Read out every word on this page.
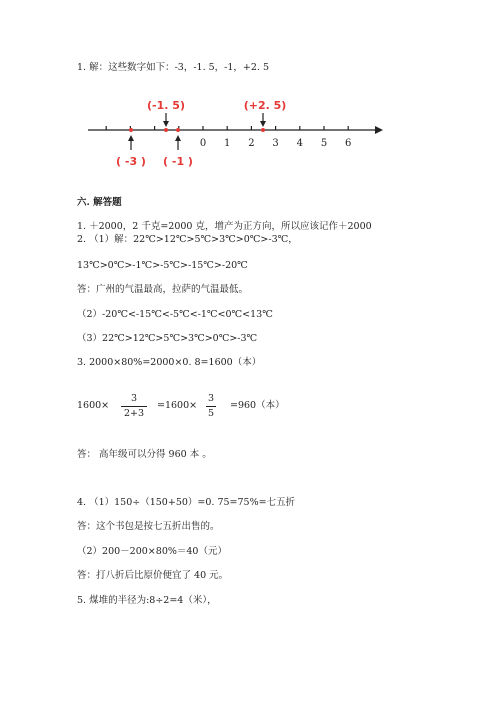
1. 解：这些数字如下：-3，-1. 5，-1，+2. 5
0 1 2 3 4 5 6
(-1. 5)	(+2. 5)
( -3 ) ( -1 )
六. 解答题
1. ＋2000，2 千克=2000 克，增产为正方向，所以应该记作＋2000
2. （1）解：22℃>12℃>5℃>3℃>0℃>-3℃，
13℃>0℃>-1℃>-5℃>-15℃>-20℃
答：广州的气温最高，拉萨的气温最低。
（2）-20℃<-15℃<-5℃<-1℃<0℃<13℃
（3）22℃>12℃>5℃>3℃>0℃>-3℃
3. 2000×80%=2000×0. 8=1600（本）
1600×
3
2+3
=1600×
3
5
=960（本）
答： 高年级可以分得 960 本 。
4. （1）150÷（150+50）=0. 75=75%=七五折
答：这个书包是按七五折出售的。
（2）200－200×80%＝40（元）
答：打八折后比原价便宜了 40 元。
5. 煤堆的半径为:8÷2=4（米），
